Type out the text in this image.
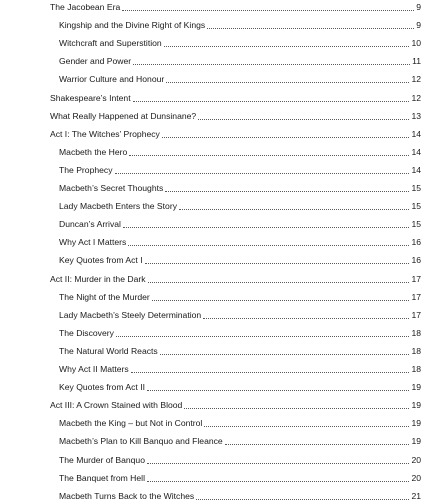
The Jacobean Era	9
Kingship and the Divine Right of Kings	9
Witchcraft and Superstition	10
Gender and Power	11
Warrior Culture and Honour	12
Shakespeare’s Intent	12
What Really Happened at Dunsinane?	13
Act I: The Witches’ Prophecy	14
Macbeth the Hero	14
The Prophecy	14
Macbeth’s Secret Thoughts	15
Lady Macbeth Enters the Story	15
Duncan’s Arrival	15
Why Act I Matters	16
Key Quotes from Act I	16
Act II: Murder in the Dark	17
The Night of the Murder	17
Lady Macbeth’s Steely Determination	17
The Discovery	18
The Natural World Reacts	18
Why Act II Matters	18
Key Quotes from Act II	19
Act III: A Crown Stained with Blood	19
Macbeth the King – but Not in Control	19
Macbeth’s Plan to Kill Banquo and Fleance	19
The Murder of Banquo	20
The Banquet from Hell	20
Macbeth Turns Back to the Witches	21
